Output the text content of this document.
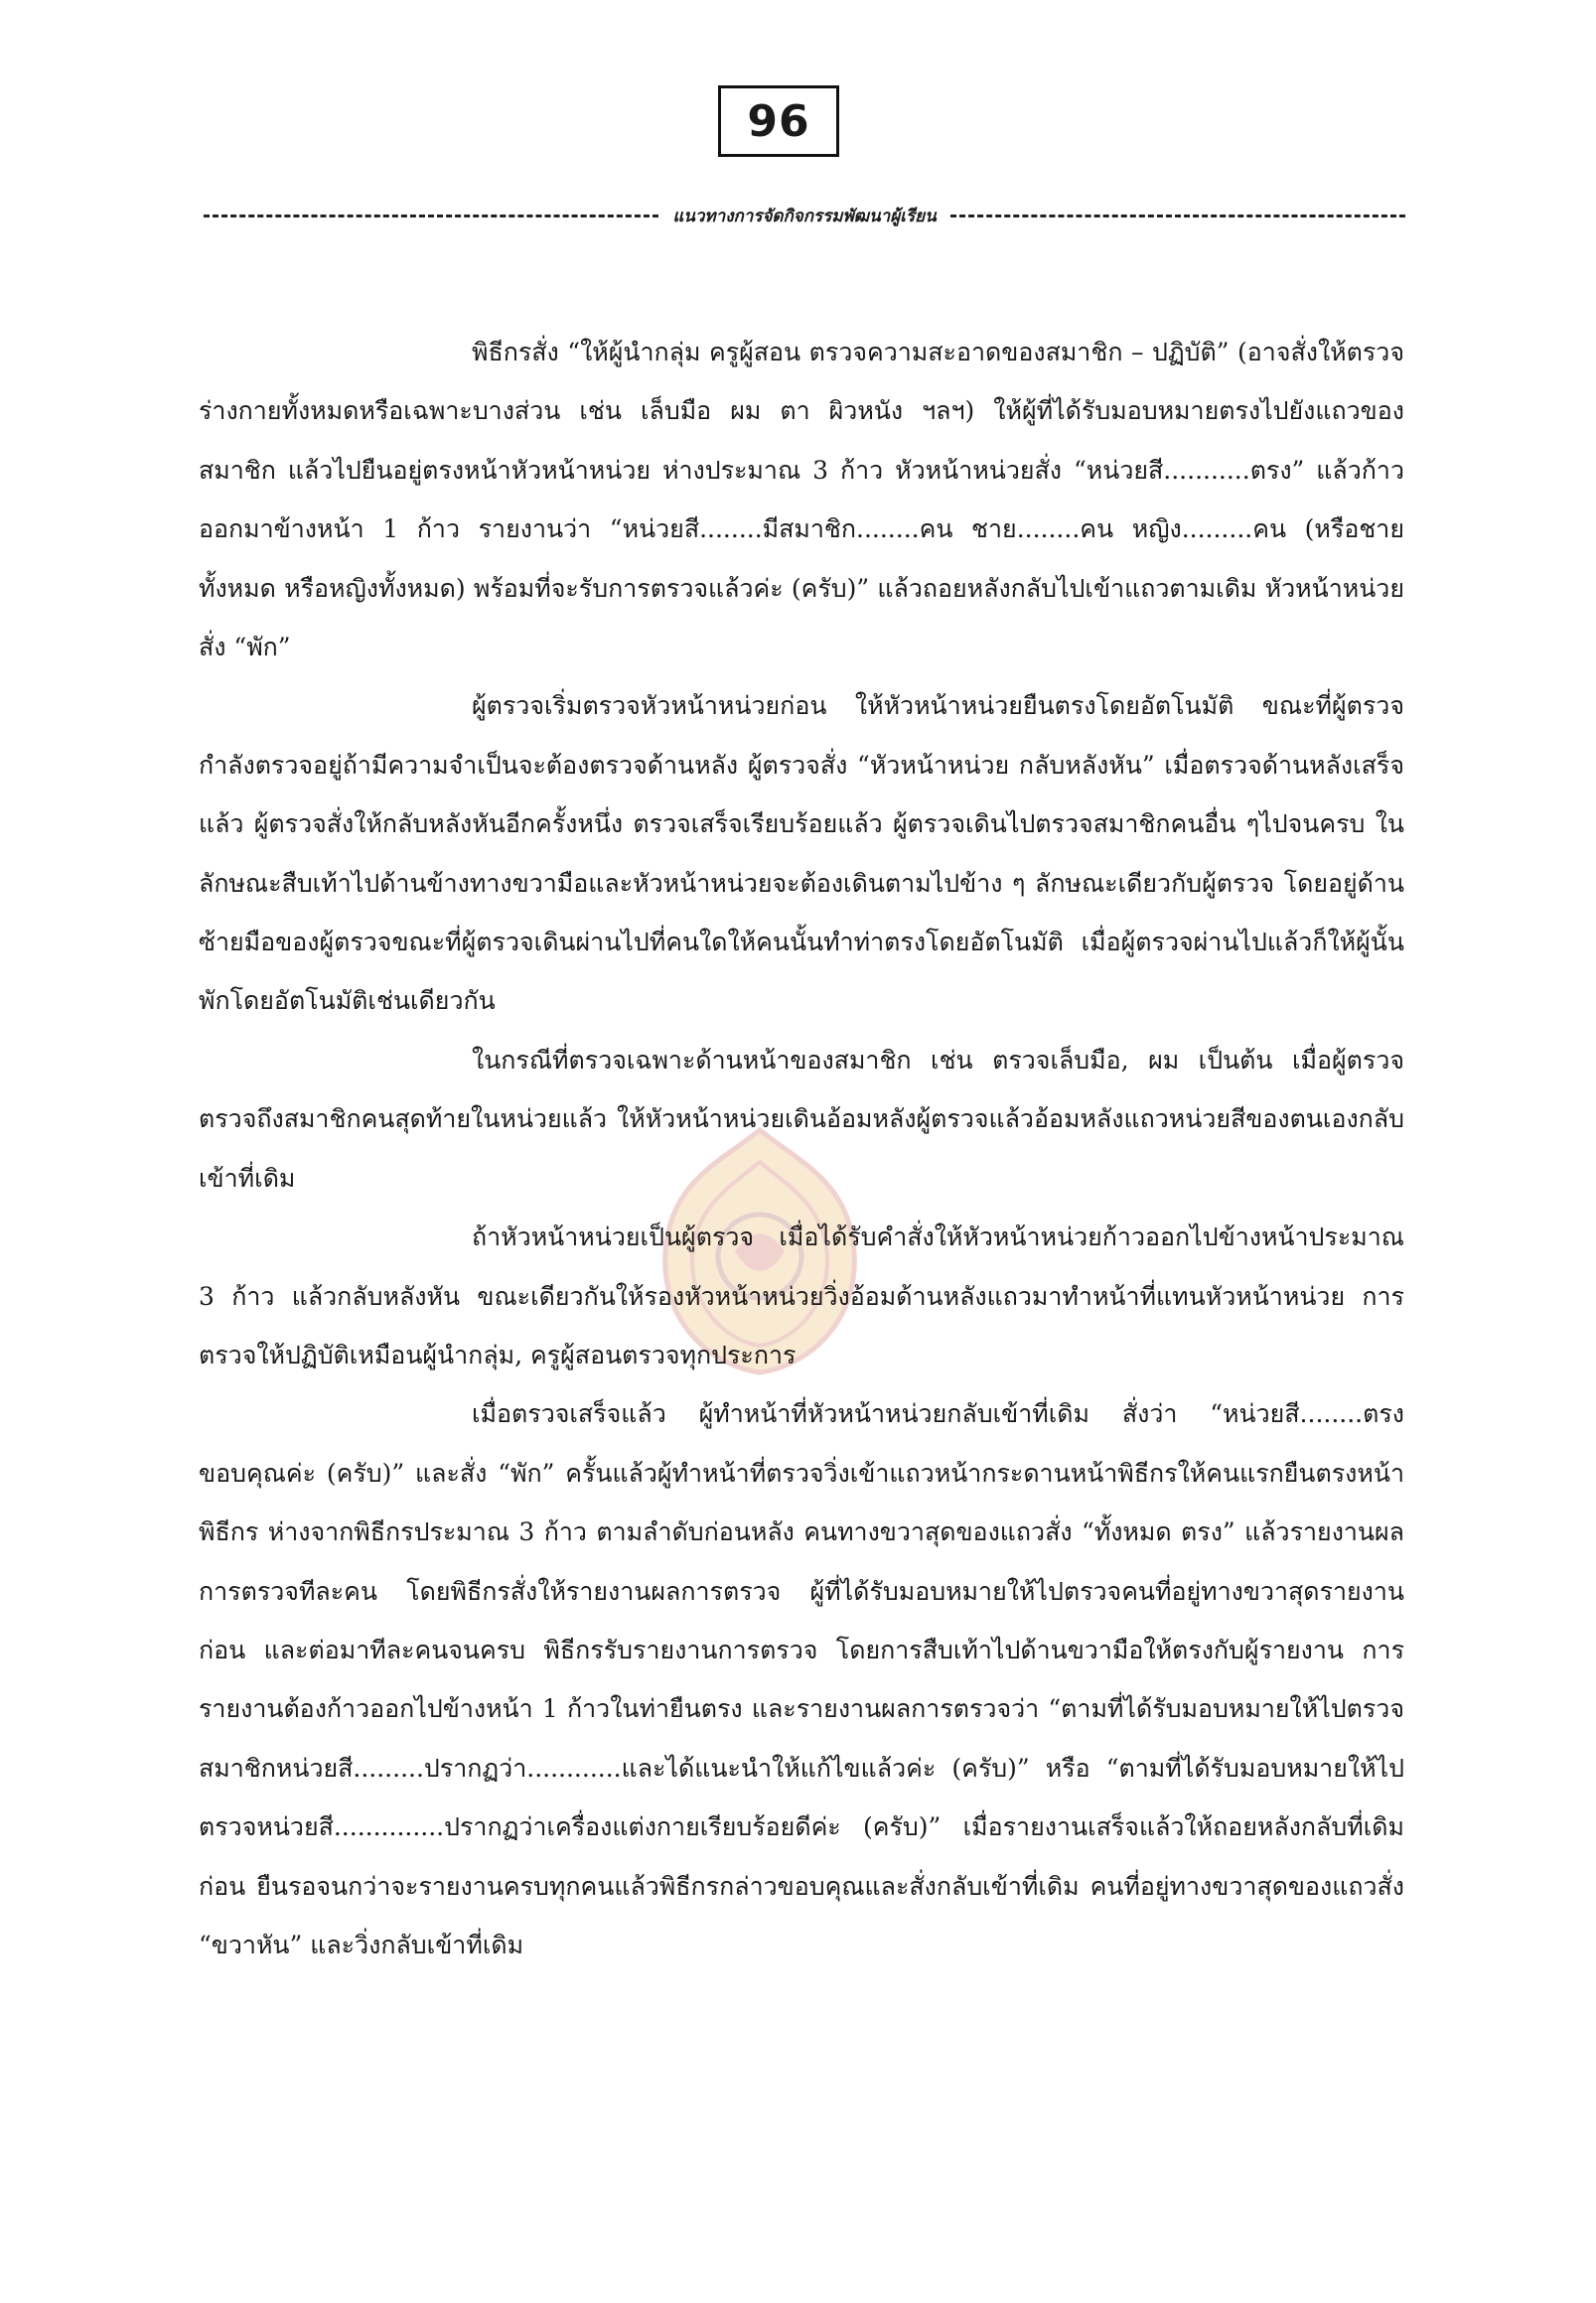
96
แนวทางการจัดกิจกรรมพัฒนาผู้เรียน

พิธีกรสั่ง “ให้ผู้นำกลุ่ม ครูผู้สอน ตรวจความสะอาดของสมาชิก – ปฏิบัติ” (อาจสั่งให้ตรวจร่างกายทั้งหมดหรือเฉพาะบางส่วน เช่น เล็บมือ ผม ตา ผิวหนัง ฯลฯ) ให้ผู้ที่ได้รับมอบหมายตรงไปยังแถวของสมาชิก แล้วไปยืนอยู่ตรงหน้าหัวหน้าหน่วย ห่างประมาณ 3 ก้าว หัวหน้าหน่วยสั่ง “หน่วยสี...........ตรง” แล้วก้าวออกมาข้างหน้า 1 ก้าว รายงานว่า “หน่วยสี........มีสมาชิก........คน ชาย........คน หญิง.........คน (หรือชายทั้งหมด หรือหญิงทั้งหมด) พร้อมที่จะรับการตรวจแล้วค่ะ (ครับ)” แล้วถอยหลังกลับไปเข้าแถวตามเดิม หัวหน้าหน่วยสั่ง “พัก”

ผู้ตรวจเริ่มตรวจหัวหน้าหน่วยก่อน ให้หัวหน้าหน่วยยืนตรงโดยอัตโนมัติ ขณะที่ผู้ตรวจกำลังตรวจอยู่ถ้ามีความจำเป็นจะต้องตรวจด้านหลัง ผู้ตรวจสั่ง “หัวหน้าหน่วย กลับหลังหัน” เมื่อตรวจด้านหลังเสร็จแล้ว ผู้ตรวจสั่งให้กลับหลังหันอีกครั้งหนึ่ง ตรวจเสร็จเรียบร้อยแล้ว ผู้ตรวจเดินไปตรวจสมาชิกคนอื่น ๆไปจนครบ ในลักษณะสืบเท้าไปด้านข้างทางขวามือและหัวหน้าหน่วยจะต้องเดินตามไปข้าง ๆ ลักษณะเดียวกับผู้ตรวจ โดยอยู่ด้านซ้ายมือของผู้ตรวจขณะที่ผู้ตรวจเดินผ่านไปที่คนใดให้คนนั้นทำท่าตรงโดยอัตโนมัติ เมื่อผู้ตรวจผ่านไปแล้วก็ให้ผู้นั้นพักโดยอัตโนมัติเช่นเดียวกัน

ในกรณีที่ตรวจเฉพาะด้านหน้าของสมาชิก เช่น ตรวจเล็บมือ, ผม เป็นต้น เมื่อผู้ตรวจตรวจถึงสมาชิกคนสุดท้ายในหน่วยแล้ว ให้หัวหน้าหน่วยเดินอ้อมหลังผู้ตรวจแล้วอ้อมหลังแถวหน่วยสีของตนเองกลับเข้าที่เดิม

ถ้าหัวหน้าหน่วยเป็นผู้ตรวจ เมื่อได้รับคำสั่งให้หัวหน้าหน่วยก้าวออกไปข้างหน้าประมาณ 3 ก้าว แล้วกลับหลังหัน ขณะเดียวกันให้รองหัวหน้าหน่วยวิ่งอ้อมด้านหลังแถวมาทำหน้าที่แทนหัวหน้าหน่วย การตรวจให้ปฏิบัติเหมือนผู้นำกลุ่ม, ครูผู้สอนตรวจทุกประการ

เมื่อตรวจเสร็จแล้ว ผู้ทำหน้าที่หัวหน้าหน่วยกลับเข้าที่เดิม สั่งว่า “หน่วยสี........ตรง ขอบคุณค่ะ (ครับ)” และสั่ง “พัก” ครั้นแล้วผู้ทำหน้าที่ตรวจวิ่งเข้าแถวหน้ากระดานหน้าพิธีกรให้คนแรกยืนตรงหน้าพิธีกร ห่างจากพิธีกรประมาณ 3 ก้าว ตามลำดับก่อนหลัง คนทางขวาสุดของแถวสั่ง “ทั้งหมด ตรง” แล้วรายงานผลการตรวจทีละคน โดยพิธีกรสั่งให้รายงานผลการตรวจ ผู้ที่ได้รับมอบหมายให้ไปตรวจคนที่อยู่ทางขวาสุดรายงานก่อน และต่อมาทีละคนจนครบ พิธีกรรับรายงานการตรวจ โดยการสืบเท้าไปด้านขวามือให้ตรงกับผู้รายงาน การรายงานต้องก้าวออกไปข้างหน้า 1 ก้าวในท่ายืนตรง และรายงานผลการตรวจว่า “ตามที่ได้รับมอบหมายให้ไปตรวจสมาชิกหน่วยสี.........ปรากฏว่า............และได้แนะนำให้แก้ไขแล้วค่ะ (ครับ)” หรือ “ตามที่ได้รับมอบหมายให้ไปตรวจหน่วยสี..............ปรากฏว่าเครื่องแต่งกายเรียบร้อยดีค่ะ (ครับ)” เมื่อรายงานเสร็จแล้วให้ถอยหลังกลับที่เดิมก่อน ยืนรอจนกว่าจะรายงานครบทุกคนแล้วพิธีกรกล่าวขอบคุณและสั่งกลับเข้าที่เดิม คนที่อยู่ทางขวาสุดของแถวสั่ง “ขวาหัน” และวิ่งกลับเข้าที่เดิม
